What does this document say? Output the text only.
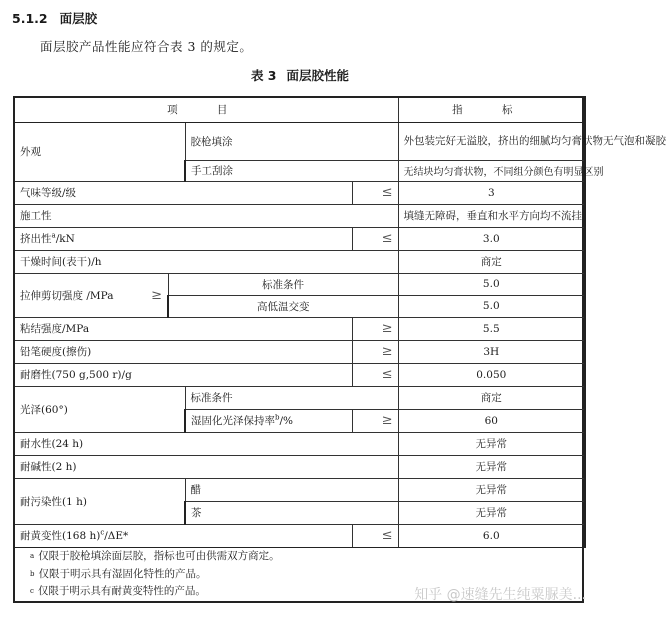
5.1.2 面层胶
面层胶产品性能应符合表 3 的规定。
表 3 面层胶性能
项 目				指 标
外观		胶枪填涂		外包装完好无溢胶，挤出的细腻均匀膏状物无气泡和凝胶
		手工刮涂		无结块均匀膏状物，不同组分颜色有明显区别
气味等级/级			≤	3
施工性				填缝无障碍，垂直和水平方向均不流挂
挤出性$^a$/kN			≤	3.0
干燥时间(表干)/h				商定
拉伸剪切强度 /MPa ≥	标准条件			5.0
	高低温交变			5.0
粘结强度/MPa			≥	5.5
铅笔硬度(擦伤)			≥	3H
耐磨性(750 g,500 r)/g			≤	0.050
光泽(60°)		标准条件		商定
		湿固化光泽保持率$^b$/%	≥	60
耐水性(24 h)				无异常
耐碱性(2 h)				无异常
耐污染性(1 h)		醋		无异常
		茶		无异常
耐黄变性(168 h)$^c$/ΔE*			≤	6.0
$^a$ 仅限于胶枪填涂面层胶，指标也可由供需双方商定。
$^b$ 仅限于明示具有湿固化特性的产品。
$^c$ 仅限于明示具有耐黄变特性的产品。	知乎 @速缝先生纯粟脲美...
